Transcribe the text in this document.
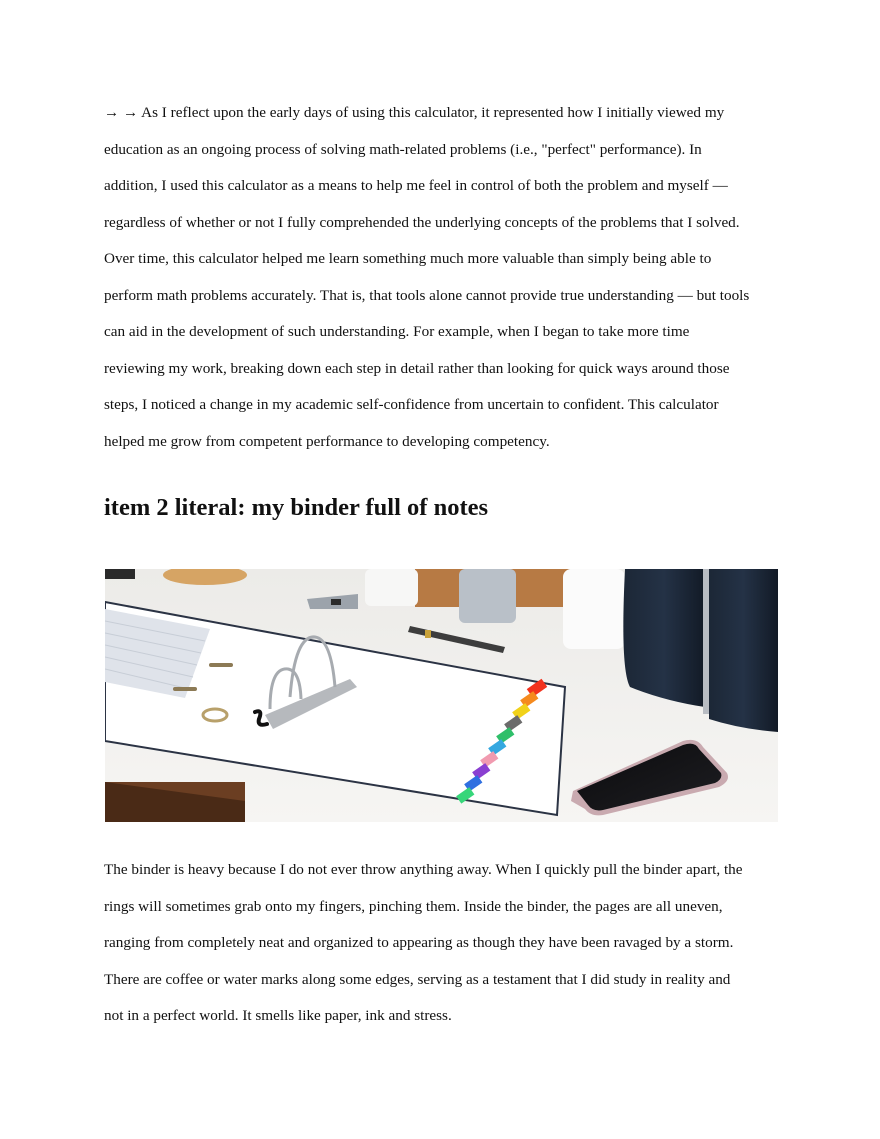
→ → As I reflect upon the early days of using this calculator, it represented how I initially viewed my
education as an ongoing process of solving math-related problems (i.e., "perfect" performance). In
addition, I used this calculator as a means to help me feel in control of both the problem and myself —
regardless of whether or not I fully comprehended the underlying concepts of the problems that I solved.
Over time, this calculator helped me learn something much more valuable than simply being able to
perform math problems accurately. That is, that tools alone cannot provide true understanding — but tools
can aid in the development of such understanding. For example, when I began to take more time
reviewing my work, breaking down each step in detail rather than looking for quick ways around those
steps, I noticed a change in my academic self-confidence from uncertain to confident. This calculator
helped me grow from competent performance to developing competency.
item 2 literal: my binder full of notes
The binder is heavy because I do not ever throw anything away. When I quickly pull the binder apart, the
rings will sometimes grab onto my fingers, pinching them. Inside the binder, the pages are all uneven,
ranging from completely neat and organized to appearing as though they have been ravaged by a storm.
There are coffee or water marks along some edges, serving as a testament that I did study in reality and
not in a perfect world. It smells like paper, ink and stress.
